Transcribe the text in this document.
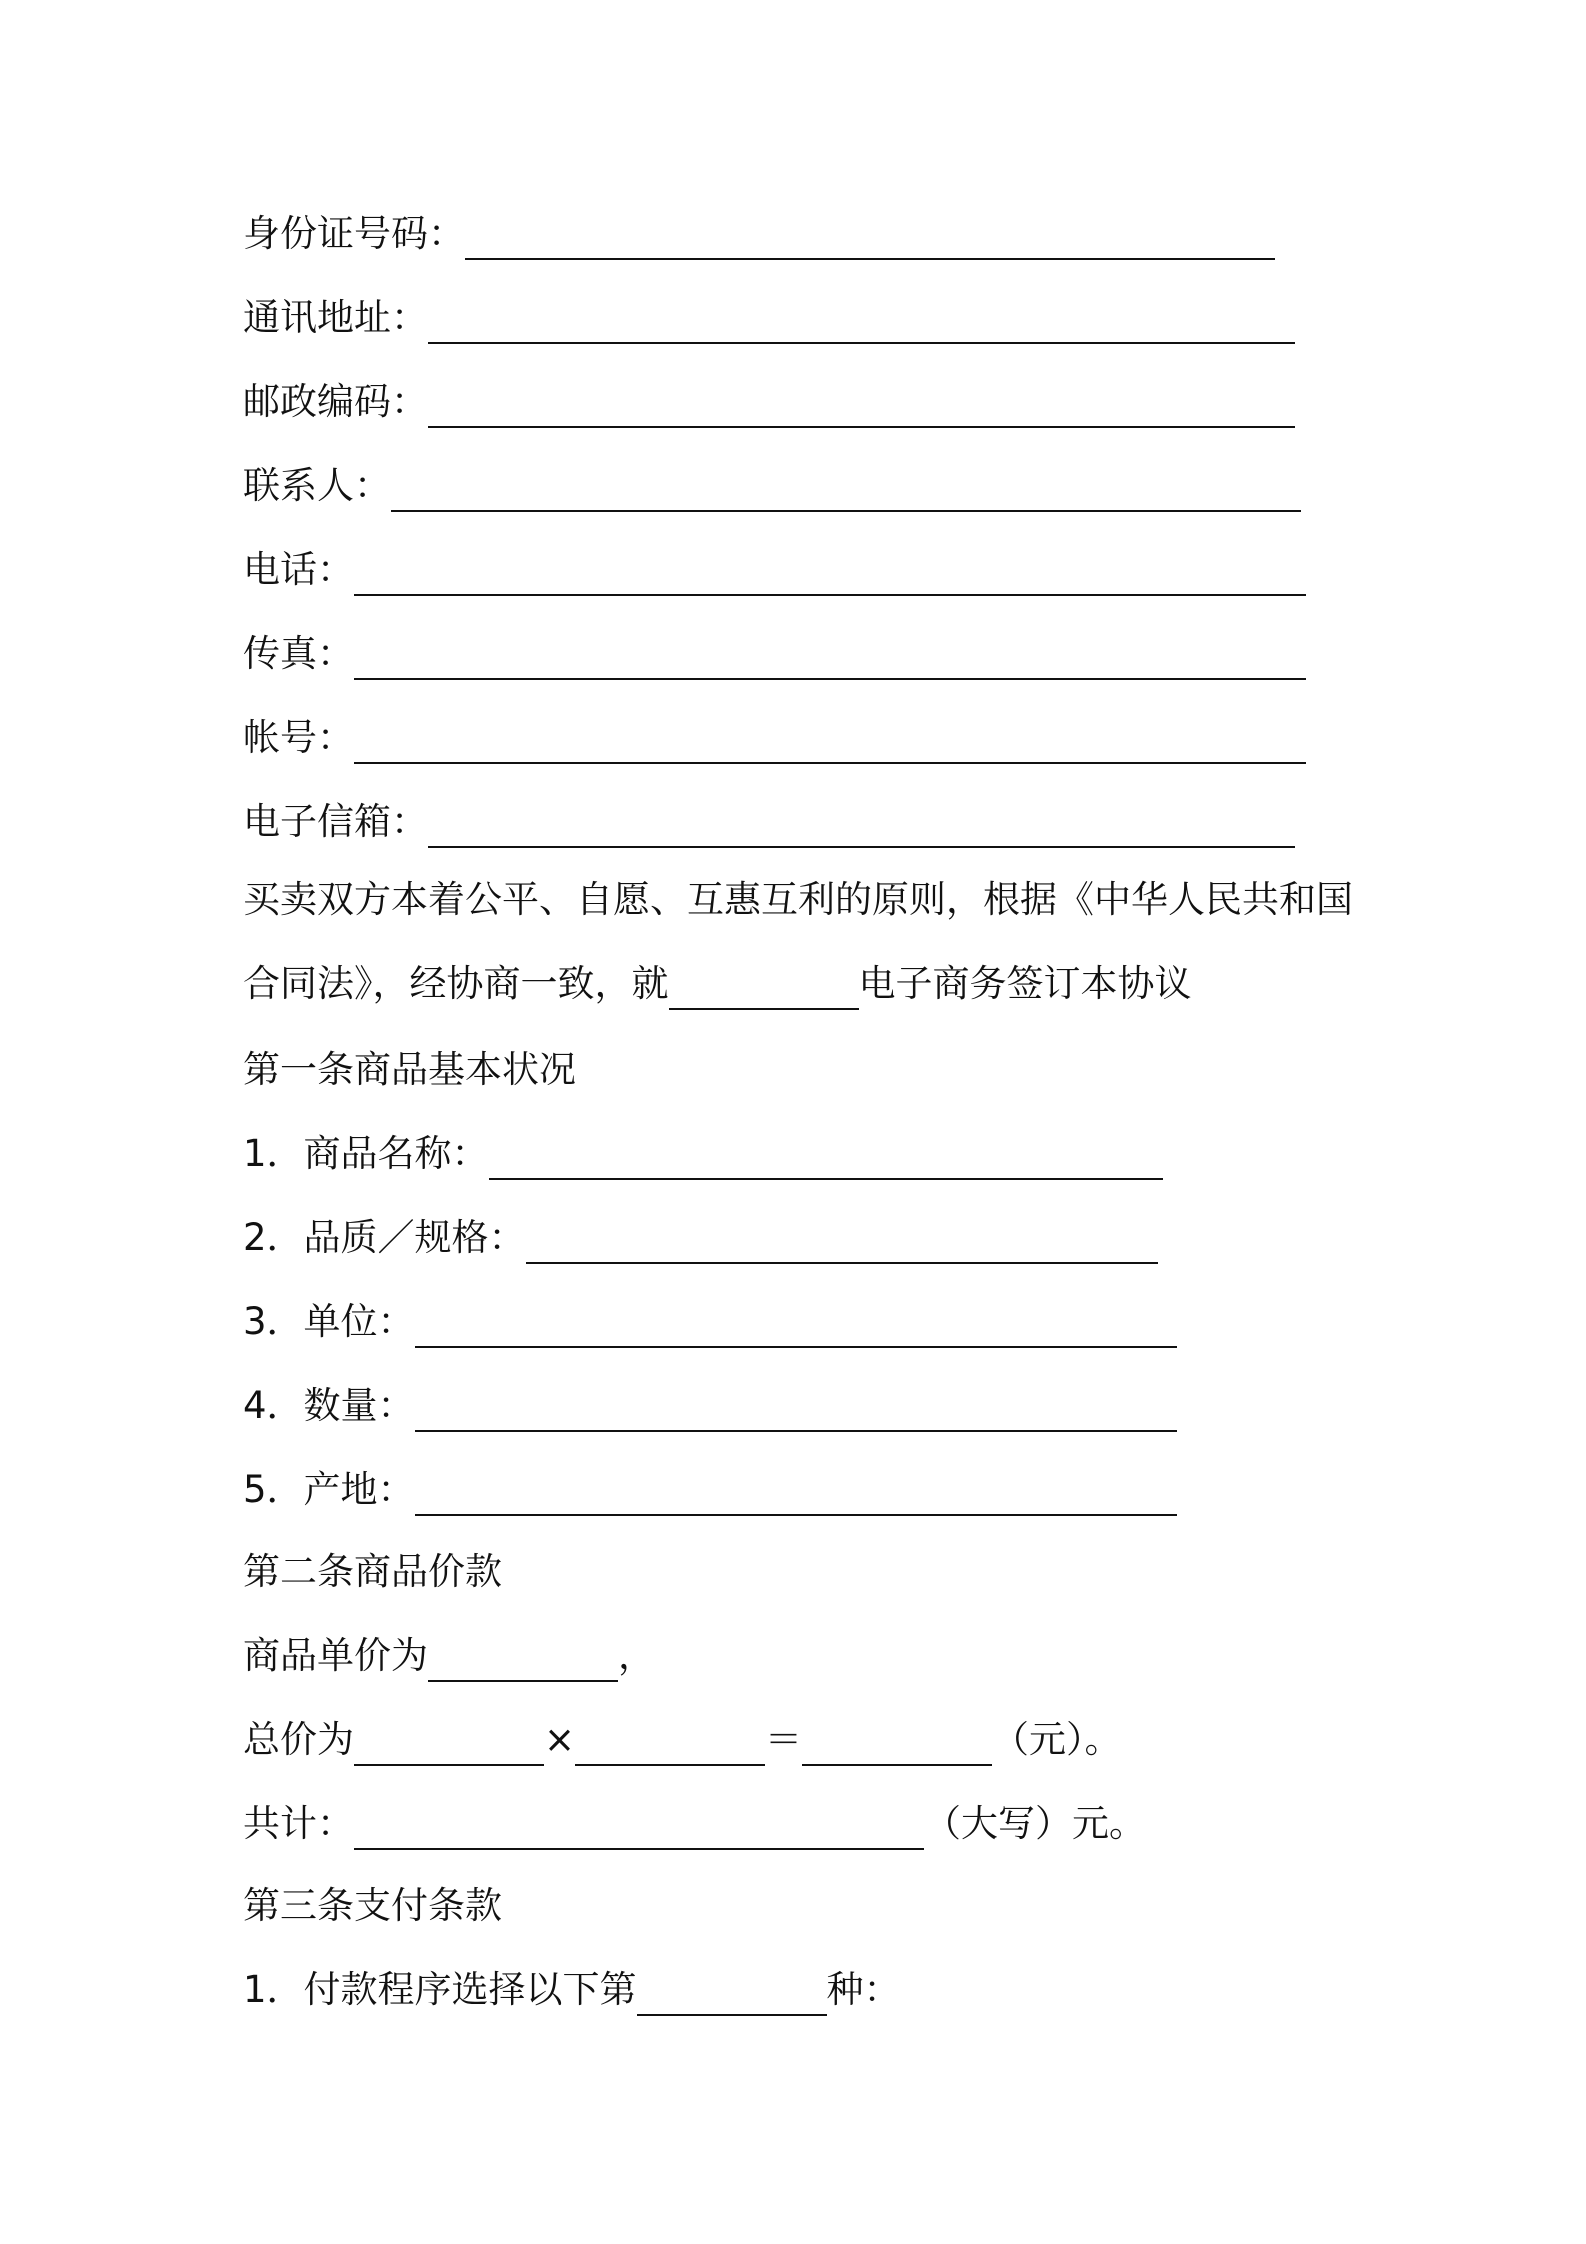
身份证号码：
通讯地址：
邮政编码：
联系人：
电话：
传真：
帐号：
电子信箱：
买卖双方本着公平、自愿、互惠互利的原则，根据《中华人民共和国
合同法》，经协商一致，就	电子商务签订本协议
第一条商品基本状况
1．商品名称：
2．品质／规格：
3．单位：
4．数量：
5．产地：
第二条商品价款
商品单价为	，
总价为	×	＝	（元）。
共计：	（大写）元。
第三条支付条款
1．付款程序选择以下第	种：
